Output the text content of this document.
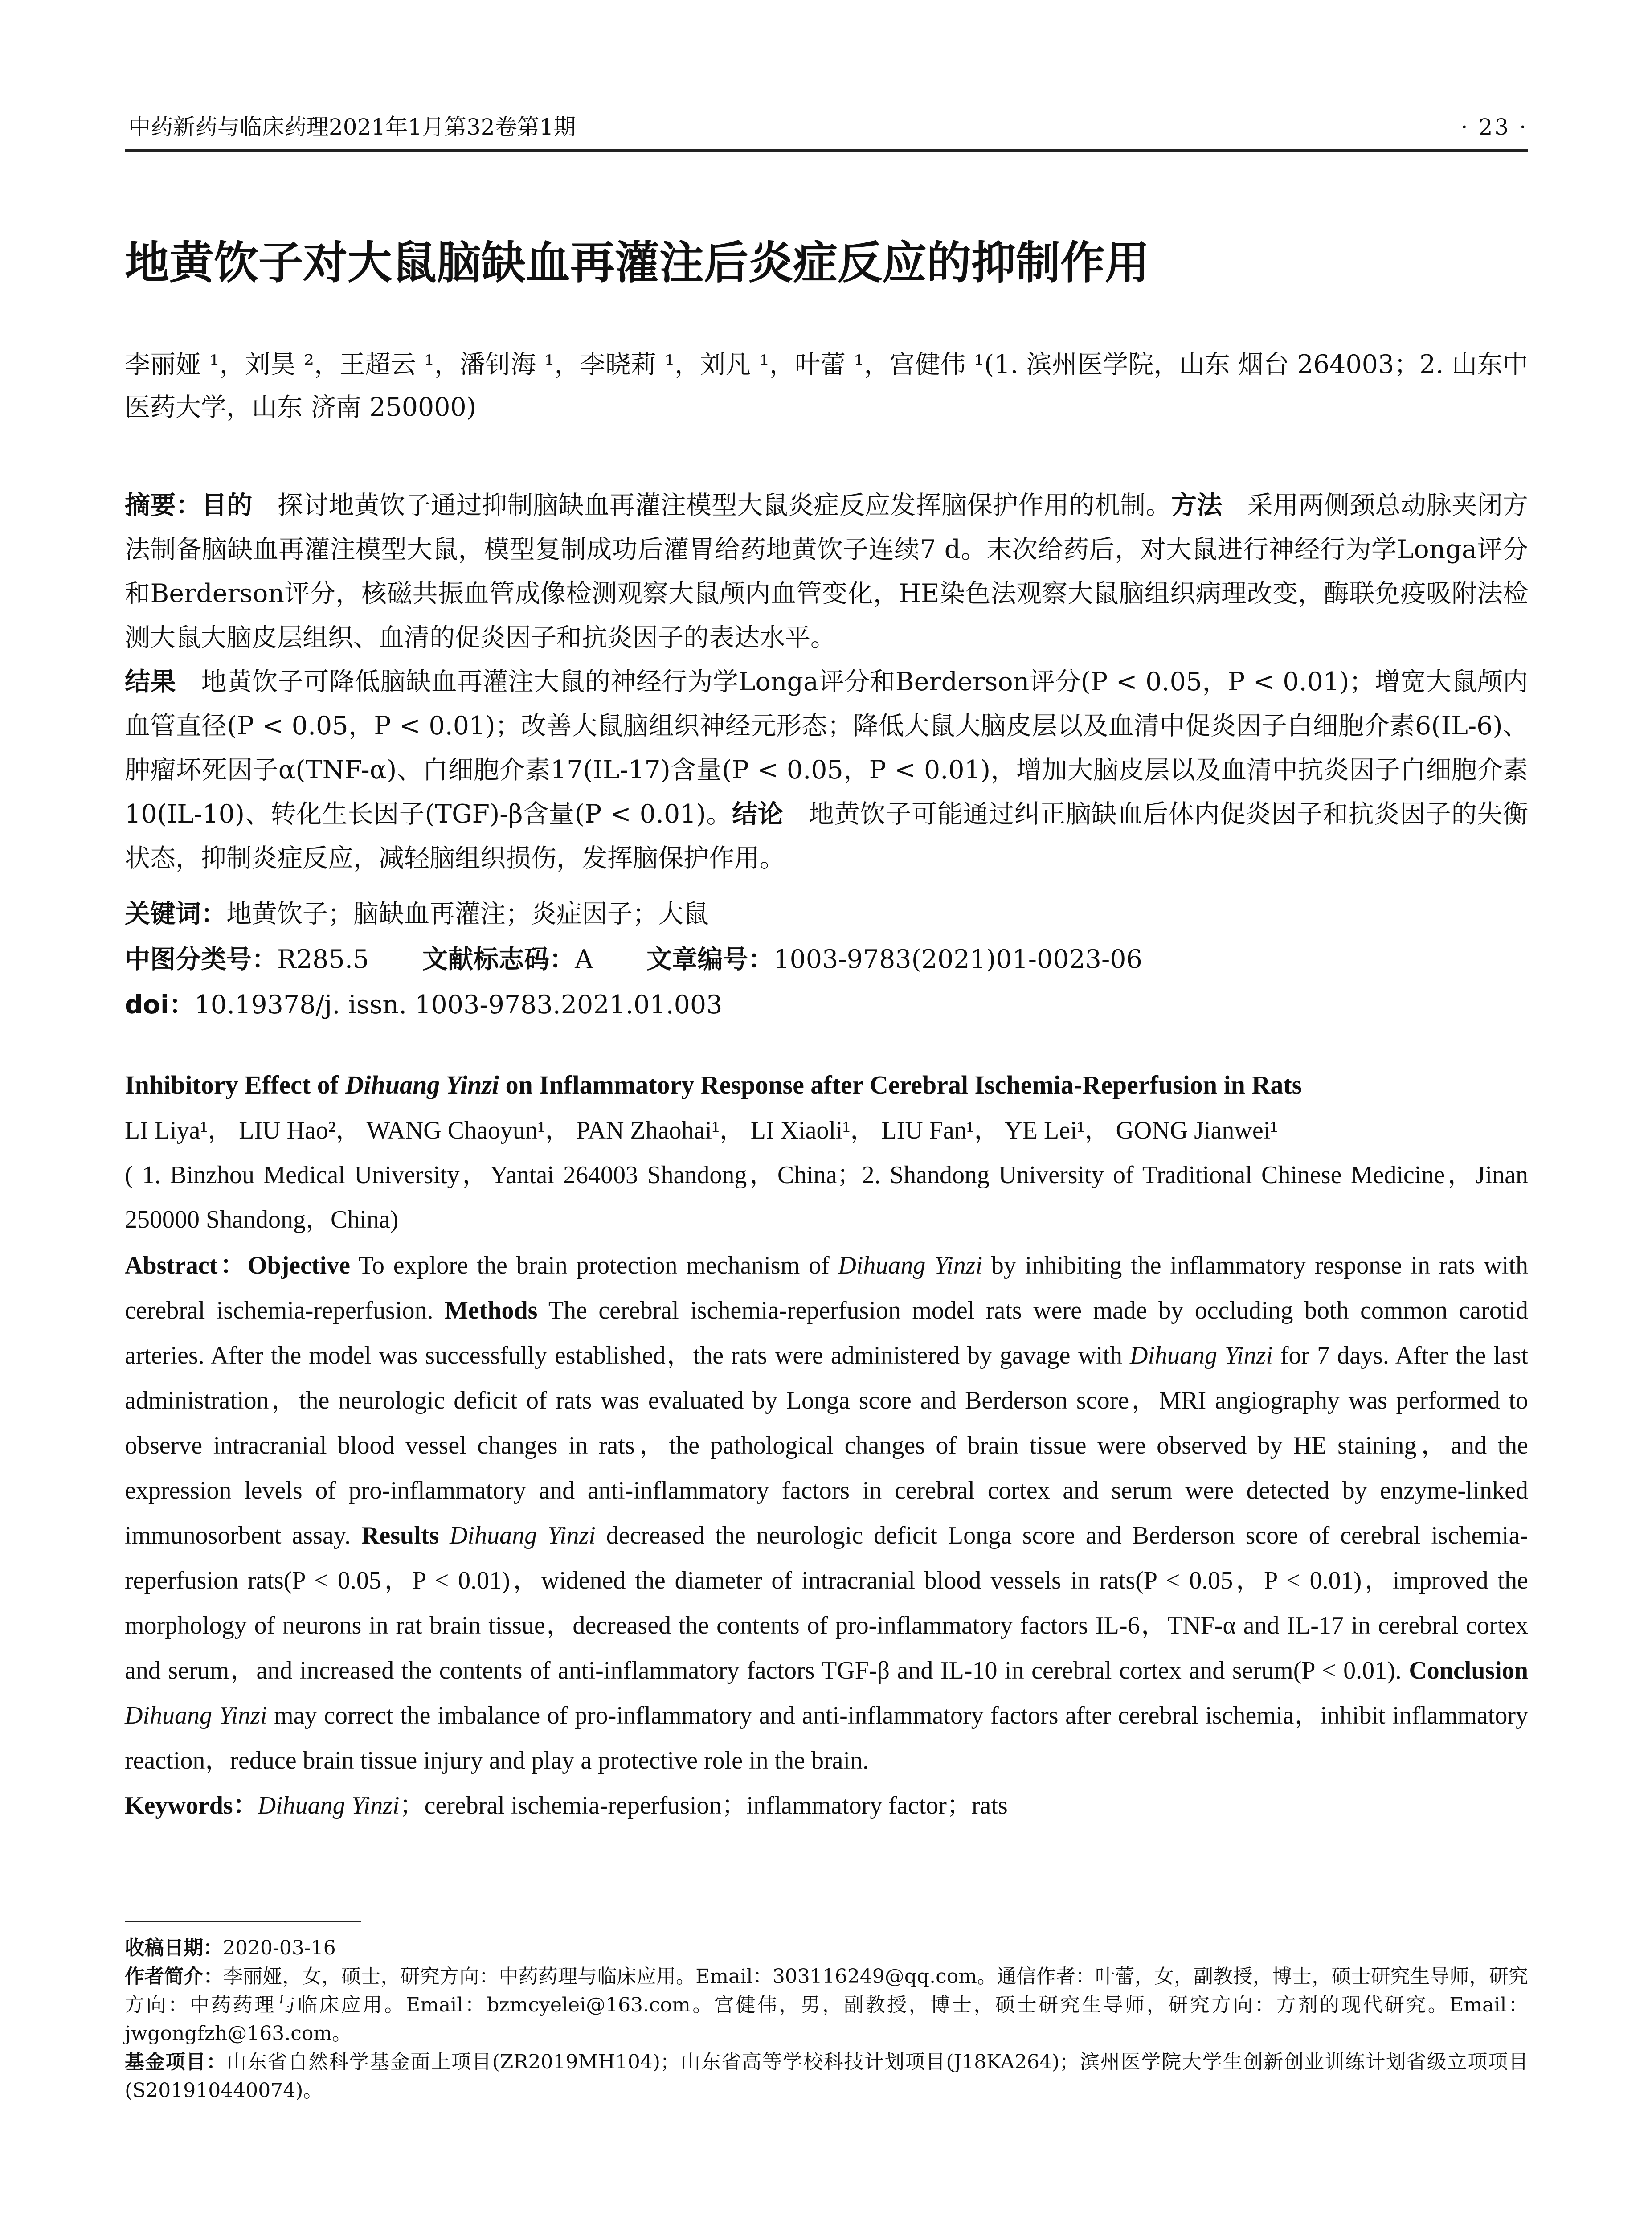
中药新药与临床药理2021年1月第32卷第1期	· 23 ·
地黄饮子对大鼠脑缺血再灌注后炎症反应的抑制作用
李丽娅 ¹，刘昊 ²，王超云 ¹，潘钊海 ¹，李晓莉 ¹，刘凡 ¹，叶蕾 ¹，宫健伟 ¹(1. 滨州医学院，山东 烟台 264003；2. 山东中医药大学，山东 济南 250000)

摘要：目的 探讨地黄饮子通过抑制脑缺血再灌注模型大鼠炎症反应发挥脑保护作用的机制。方法 采用两侧颈总动脉夹闭方法制备脑缺血再灌注模型大鼠，模型复制成功后灌胃给药地黄饮子连续7 d。末次给药后，对大鼠进行神经行为学Longa评分和Berderson评分，核磁共振血管成像检测观察大鼠颅内血管变化，HE染色法观察大鼠脑组织病理改变，酶联免疫吸附法检测大鼠大脑皮层组织、血清的促炎因子和抗炎因子的表达水平。

结果 地黄饮子可降低脑缺血再灌注大鼠的神经行为学Longa评分和Berderson评分(P < 0.05，P < 0.01)；增宽大鼠颅内血管直径(P < 0.05，P < 0.01)；改善大鼠脑组织神经元形态；降低大鼠大脑皮层以及血清中促炎因子白细胞介素6(IL-6)、肿瘤坏死因子α(TNF-α)、白细胞介素17(IL-17)含量(P < 0.05，P < 0.01)，增加大脑皮层以及血清中抗炎因子白细胞介素10(IL-10)、转化生长因子(TGF)-β含量(P < 0.01)。结论 地黄饮子可能通过纠正脑缺血后体内促炎因子和抗炎因子的失衡状态，抑制炎症反应，减轻脑组织损伤，发挥脑保护作用。

关键词：地黄饮子；脑缺血再灌注；炎症因子；大鼠
中图分类号：R285.5 文献标志码：A 文章编号：1003-9783(2021)01-0023-06
doi：10.19378/j. issn. 1003-9783.2021.01.003
Inhibitory Effect of Dihuang Yinzi on Inflammatory Response after Cerebral Ischemia-Reperfusion in Rats
LI Liya¹， LIU Hao²， WANG Chaoyun¹， PAN Zhaohai¹， LI Xiaoli¹， LIU Fan¹， YE Lei¹， GONG Jianwei¹
( 1. Binzhou Medical University，Yantai 264003 Shandong，China；2. Shandong University of Traditional Chinese Medicine，Jinan 250000 Shandong，China)

Abstract：Objective To explore the brain protection mechanism of Dihuang Yinzi by inhibiting the inflammatory response in rats with cerebral ischemia-reperfusion. Methods The cerebral ischemia-reperfusion model rats were made by occluding both common carotid arteries. After the model was successfully established，the rats were administered by gavage with Dihuang Yinzi for 7 days. After the last administration，the neurologic deficit of rats was evaluated by Longa score and Berderson score，MRI angiography was performed to observe intracranial blood vessel changes in rats，the pathological changes of brain tissue were observed by HE staining，and the expression levels of pro-inflammatory and anti-inflammatory factors in cerebral cortex and serum were detected by enzyme-linked immunosorbent assay. Results Dihuang Yinzi decreased the neurologic deficit Longa score and Berderson score of cerebral ischemia-reperfusion rats(P < 0.05，P < 0.01)，widened the diameter of intracranial blood vessels in rats(P < 0.05，P < 0.01)，improved the morphology of neurons in rat brain tissue，decreased the contents of pro-inflammatory factors IL-6，TNF-α and IL-17 in cerebral cortex and serum，and increased the contents of anti-inflammatory factors TGF-β and IL-10 in cerebral cortex and serum(P < 0.01). Conclusion Dihuang Yinzi may correct the imbalance of pro-inflammatory and anti-inflammatory factors after cerebral ischemia，inhibit inflammatory reaction，reduce brain tissue injury and play a protective role in the brain.

Keywords：Dihuang Yinzi；cerebral ischemia-reperfusion；inflammatory factor；rats

收稿日期：2020-03-16

作者简介：李丽娅，女，硕士，研究方向：中药药理与临床应用。Email：303116249@qq.com。通信作者：叶蕾，女，副教授，博士，硕士研究生导师，研究方向：中药药理与临床应用。Email：bzmcyelei@163.com。宫健伟，男，副教授，博士，硕士研究生导师，研究方向：方剂的现代研究。Email：jwgongfzh@163.com。

基金项目：山东省自然科学基金面上项目(ZR2019MH104)；山东省高等学校科技计划项目(J18KA264)；滨州医学院大学生创新创业训练计划省级立项项目(S201910440074)。
